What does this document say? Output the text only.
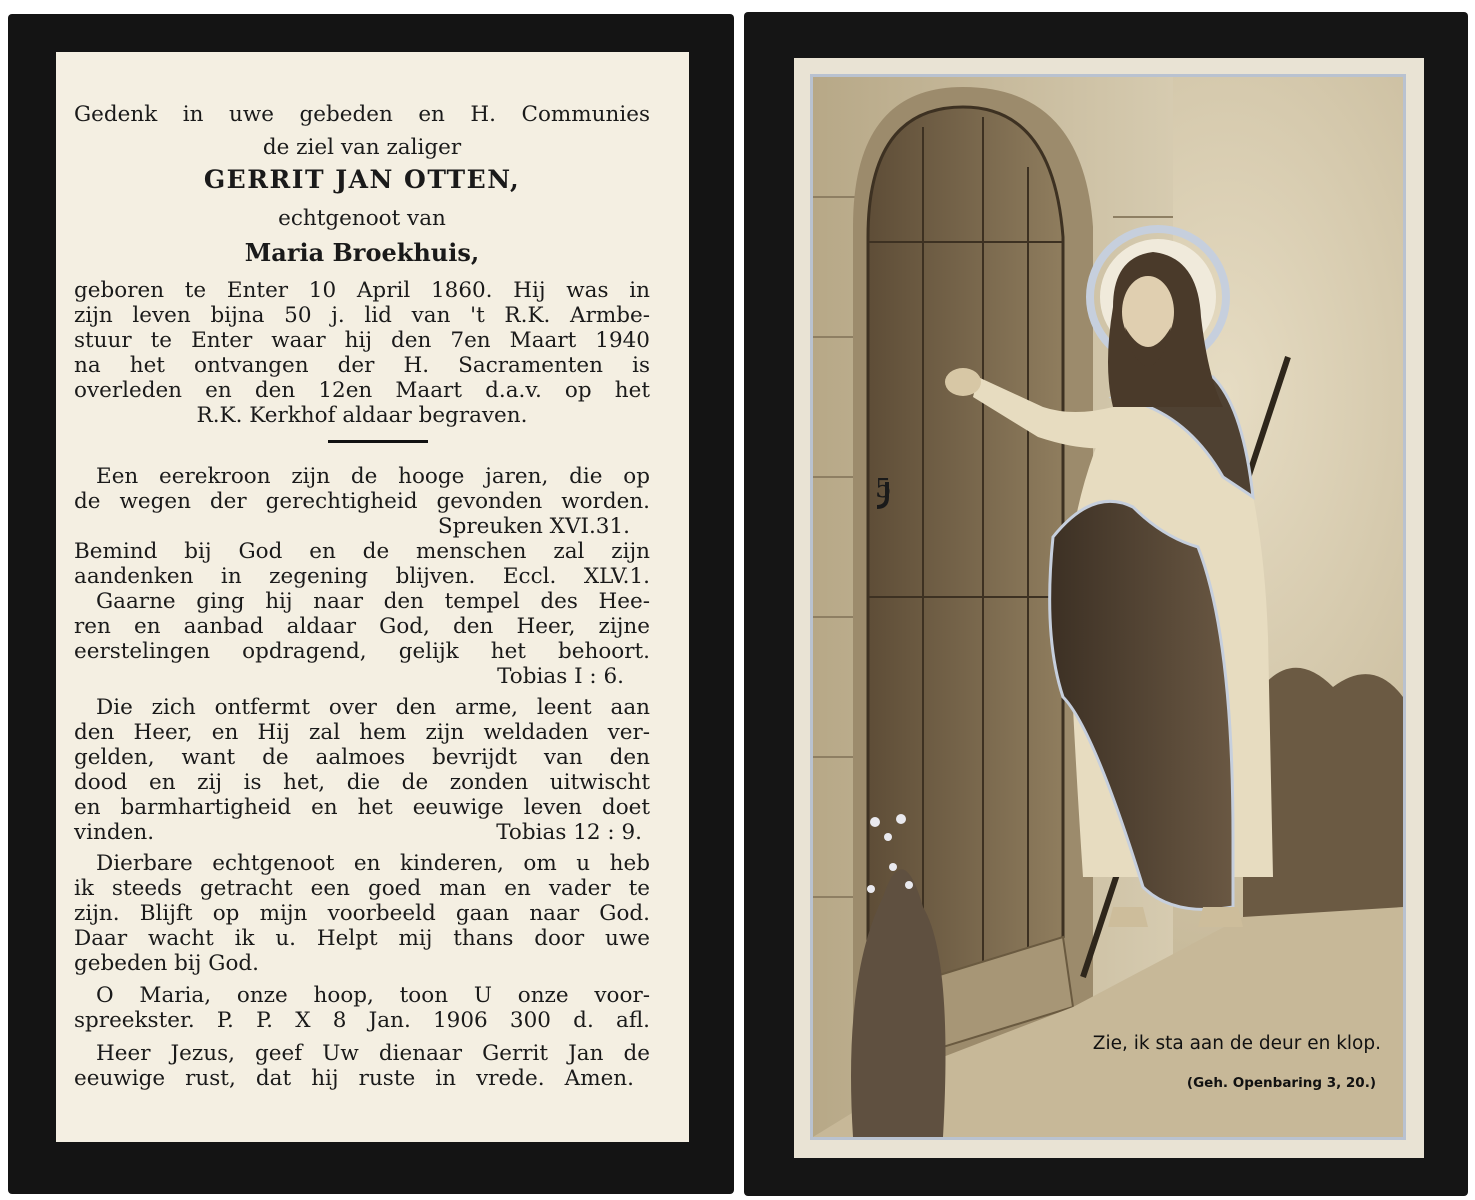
Gedenk in uwe gebeden en H. Communies
de ziel van zaliger
GERRIT JAN OTTEN,
echtgenoot van
Maria Broekhuis,
geboren te Enter 10 April 1860. Hij was in
zijn leven bijna 50 j. lid van 't R.K. Armbe-
stuur te Enter waar hij den 7en Maart 1940
na het ontvangen der H. Sacramenten is
overleden en den 12en Maart d.a.v. op het
R.K. Kerkhof aldaar begraven.
Een eerekroon zijn de hooge jaren, die op
de wegen der gerechtigheid gevonden worden.
Spreuken XVI.31.
Bemind bij God en de menschen zal zijn
aandenken in zegening blijven. Eccl. XLV.1.
Gaarne ging hij naar den tempel des Hee-
ren en aanbad aldaar God, den Heer, zijne
eerstelingen opdragend, gelijk het behoort.
Tobias I : 6.
Die zich ontfermt over den arme, leent aan
den Heer, en Hij zal hem zijn weldaden ver-
gelden, want de aalmoes bevrijdt van den
dood en zij is het, die de zonden uitwischt
en barmhartigheid en het eeuwige leven doet
vinden.	Tobias 12 : 9.
Dierbare echtgenoot en kinderen, om u heb
ik steeds getracht een goed man en vader te
zijn. Blijft op mijn voorbeeld gaan naar God.
Daar wacht ik u. Helpt mij thans door uwe
gebeden bij God.
O Maria, onze hoop, toon U onze voor-
spreekster. P. P. X 8 Jan. 1906 300 d. afl.
Heer Jezus, geef Uw dienaar Gerrit Jan de
eeuwige rust, dat hij ruste in vrede. Amen.
5
Zie, ik sta aan de deur en klop.
(Geh. Openbaring 3, 20.)
